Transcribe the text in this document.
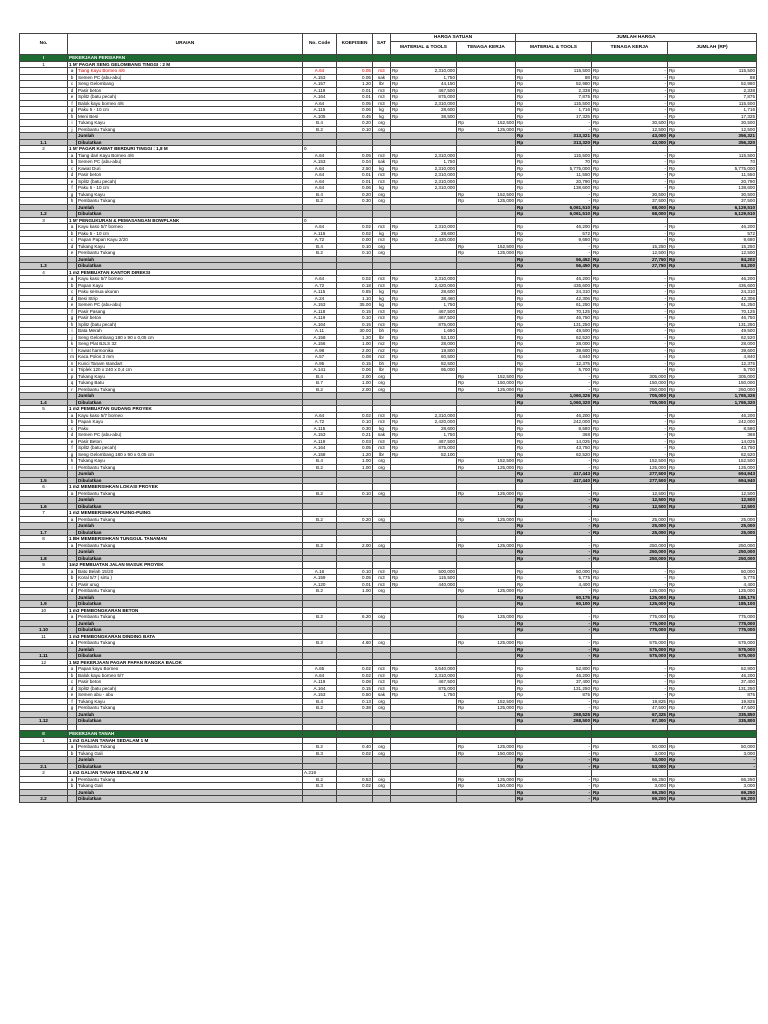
No.	URAIAN		No. Code	KOEFISIEN	SAT	HARGA SATUAN		JUMLAH HARGA		
						MATERIAL & TOOLS	TENAGA KERJA	MATERIAL & TOOLS	TENAGA KERJA	JUMLAH (RP)
I	PEKERJAAN PERSIAPAN									
1	1 M' PAGAR SENG GELOMBANG TINGGI : 2 M									
	a	Tiang Kayu Borneo 4/6	A.64	0.05	m3	Rp 2,310,000		Rp 115,500	Rp -	Rp 115,500

	b	Semen PC (abu-abu)	A.153	0.05	sak	Rp 1,750		Rp 88	Rp -	Rp 88

	c	Seng Gelombang	A.157	1.20	lbr	Rp 44,150		Rp 52,980	Rp -	Rp 52,980

	d	Pasir beton	A.119	0.01	m3	Rp 467,500		Rp 2,338	Rp -	Rp 2,338

	e	Splitz (batu pecah)	A.164	0.01	m3	Rp 875,000		Rp 7,875	Rp -	Rp 7,875

	f	Balok kayu borneo 4/6	A.64	0.05	m3	Rp 2,310,000		Rp 115,500	Rp -	Rp 115,500

	g	Paku 5 - 10 cm	A.115	0.06	kg	Rp 28,600		Rp 1,716	Rp -	Rp 1,716

	h	Meni Besi	A.105	0.45	kg	Rp 38,500		Rp 17,325	Rp -	Rp 17,325

	i	Tukang Kayu	B.4	0.20	org		Rp 152,500	Rp -	Rp 30,500	Rp 30,500

	j	Pembantu Tukang	B.2	0.10	org		Rp 125,000	Rp -	Rp 12,500	Rp 12,500

		Jumlah						Rp 313,321	Rp 43,000	Rp 356,321

1.1		Dibulatkan						Rp 313,320	Rp 43,000	Rp 356,320

2	1 M' PAGAR KAWAT BERDURI TINGGI : 1,8 M		0							
	a	Tiang dari Kayu Borneo 4/6	A.64	0.05	m3	Rp 2,310,000		Rp 115,500	Rp -	Rp 115,500

	b	Semen PC (abu-abu)	A.153	0.04	sak	Rp 1,750		Rp 70	Rp -	Rp 70

	c	Kawat Duri	A.64	2.50	kg	Rp 2,310,000		Rp 5,775,000	Rp -	Rp 5,775,000

	d	Pasir beton	A.64	0.01	m3	Rp 2,310,000		Rp 11,550	Rp -	Rp 11,550

	e	Splitz (batu pecah)	A.64	0.01	m3	Rp 2,310,000		Rp 20,790	Rp -	Rp 20,790

	f	Paku 5 - 10 cm	A.64	0.06	kg	Rp 2,310,000		Rp 138,600	Rp -	Rp 138,600

	g	Tukang Kayu	B.4	0.20	org		Rp 152,500	Rp -	Rp 30,500	Rp 30,500

	h	Pembantu Tukang	B.2	0.30	org		Rp 125,000	Rp -	Rp 37,500	Rp 37,500

		Jumlah						Rp 6,061,510	Rp 68,000	Rp 6,129,510

1.2		Dibulatkan						Rp 6,061,510	Rp 68,000	Rp 6,129,510

3	1 M' PENGUKURAN & PEMASANGAN BOWPLANK		0							
	a	Kayu kaso 5/7 borneo	A.64	0.02	m3	Rp 2,310,000		Rp 46,200	Rp -	Rp 46,200

	b	Paku 5 - 10 cm	A.115	0.02	kg	Rp 28,600		Rp 572	Rp -	Rp 572

	c	Papan Papan Kayu 2/20	A.72	0.00	m3	Rp 2,420,000		Rp 9,680	Rp -	Rp 9,680

	d	Tukang Kayu	B.4	0.10	org		Rp 152,500	Rp -	Rp 15,250	Rp 15,250

	e	Pembantu Tukang	B.2	0.10	org		Rp 125,000	Rp -	Rp 12,500	Rp 12,500

		Jumlah						Rp 56,452	Rp 27,750	Rp 84,202

1.3		Dibulatkan						Rp 56,450	Rp 27,750	Rp 84,200

4	1 m2 PEMBUATAN KANTOR DIREKSI									
	a	Kayu kaso 5/7 borneo	A.64	0.02	m3	Rp 2,310,000		Rp 46,200	Rp -	Rp 46,200

	b	Papan Kayu	A.72	0.18	m3	Rp 2,420,000		Rp 435,600	Rp -	Rp 435,600

	c	Paku semua ukuran	A.115	0.85	kg	Rp 28,600		Rp 24,310	Rp -	Rp 24,310

	d	Besi Strip	A.24	1.10	kg	Rp 38,460		Rp 42,306	Rp -	Rp 42,306

	e	Semen PC (abu-abu)	A.153	35.00	kg	Rp 1,750		Rp 61,250	Rp -	Rp 61,250

	f	Pasir Pasang	A.118	0.15	m3	Rp 467,500		Rp 70,125	Rp -	Rp 70,125

	g	Pasir beton	A.119	0.10	m3	Rp 467,500		Rp 46,750	Rp -	Rp 46,750

	h	Splitz (batu pecah)	A.164	0.15	m3	Rp 875,000		Rp 131,250	Rp -	Rp 131,250

	i	Bata Merah	A.11	30.00	bh	Rp 1,650		Rp 49,500	Rp -	Rp 49,500

	j	Seng Gelombang 180 x 90 x 0,05 cm	A.158	1.20	lbr	Rp 52,100		Rp 62,520	Rp -	Rp 62,520

	k	Seng Plat BJLS 32	A.156	1.00	m2	Rp 28,000		Rp 28,000	Rp -	Rp 28,000

	l	Kawat harmonika	A.98	2.00	m2	Rp 19,800		Rp 39,600	Rp -	Rp 39,600

	m	Kaca Polos 3 mm	A.57	0.08	m2	Rp 60,500		Rp 4,840	Rp -	Rp 4,840

	n	Kunci Tanam standart	A.95	0.15	bh	Rp 82,500		Rp 12,375	Rp -	Rp 12,375

	o	Triplek 120 x 240 x 0,4 cm	A.141	0.06	lbr	Rp 95,000		Rp 5,700	Rp -	Rp 5,700

	p	Tukang Kayu	B.4	2.00	org		Rp 152,500	Rp -	Rp 305,000	Rp 305,000

	q	Tukang Batu	B.7	1.00	org		Rp 150,000	Rp -	Rp 150,000	Rp 150,000

	r	Pembantu Tukang	B.2	2.00	org		Rp 125,000	Rp -	Rp 250,000	Rp 250,000

		Jumlah						Rp 1,060,326	Rp 705,000	Rp 1,765,326

1.4		Dibulatkan						Rp 1,060,320	Rp 705,000	Rp 1,765,320

5	1 m2 PEMBUATAN GUDANG PROYEK									
	a	Kayu kaso 5/7 borneo	A.64	0.02	m3	Rp 2,310,000		Rp 46,200	Rp -	Rp 46,200

	b	Papan Kayu	A.72	0.10	m3	Rp 2,420,000		Rp 242,000	Rp -	Rp 242,000

	c	Paku	A.115	0.30	kg	Rp 28,600		Rp 8,580	Rp -	Rp 8,580

	d	Semen PC (abu-abu)	A.153	0.21	sak	Rp 1,750		Rp 368	Rp -	Rp 368

	e	Pasir Beton	A.119	0.03	m3	Rp 467,500		Rp 14,025	Rp -	Rp 14,025

	f	Splitz (batu pecah)	A.164	0.05	m3	Rp 875,000		Rp 43,750	Rp -	Rp 43,750

	g	Seng Gelombang 180 x 90 x 0,05 cm	A.158	1.20	lbr	Rp 52,100		Rp 62,520	Rp -	Rp 62,520

	h	Tukang Kayu	B.4	1.00	org		Rp 152,500	Rp -	Rp 152,500	Rp 152,500

	i	Pembantu Tukang	B.2	1.00	org		Rp 125,000	Rp -	Rp 125,000	Rp 125,000

		Jumlah						Rp 417,443	Rp 277,500	Rp 694,943

1.5		Dibulatkan						Rp 417,440	Rp 277,500	Rp 694,940

6	1 m2 MEMBERSIHKAN LOKASI PROYEK									
	a	Pembantu Tukang	B.2	0.10	org		Rp 125,000	Rp -	Rp 12,500	Rp 12,500

		Jumlah						Rp -	Rp 12,500	Rp 12,500

1.6		Dibulatkan						Rp -	Rp 12,500	Rp 12,500

7	1 m2 MEMBERSIHKAN PUING-PUING									
	a	Pembantu Tukang	B.2	0.20	org		Rp 125,000	Rp -	Rp 25,000	Rp 25,000

		Jumlah						Rp -	Rp 25,000	Rp 25,000

1.7		Dibulatkan						Rp -	Rp 25,000	Rp 25,000

8	1 BH MEMBERSIHKAN TUNGGUL TANAMAN									
	a	Pembantu Tukang	B.2	2.00	org		Rp 125,000	Rp -	Rp 250,000	Rp 250,000

		Jumlah						Rp -	Rp 250,000	Rp 250,000

1.8		Dibulatkan						Rp -	Rp 250,000	Rp 250,000

9	1m2 PEMBUATAN JALAN MASUK PROYEK									
	a	Batu Belah 15/20	A.16	0.10	m3	Rp 500,000		Rp 50,000	Rp -	Rp 50,000

	b	Koral 5/7 ( sirtu )	A.159	0.05	m3	Rp 115,500		Rp 5,775	Rp -	Rp 5,775

	c	Pasir urug	A.120	0.01	m3	Rp 440,000		Rp 4,400	Rp -	Rp 4,400

	d	Pembantu Tukang	B.2	1.00	org		Rp 125,000	Rp -	Rp 125,000	Rp 125,000

		Jumlah						Rp 60,175	Rp 125,000	Rp 185,175

1.9		Dibulatkan						Rp 60,100	Rp 125,000	Rp 185,100

10	1 m3 PEMBONGKARAN BETON									
	a	Pembantu Tukang	B.2	6.20	org		Rp 125,000	Rp -	Rp 775,000	Rp 775,000

		Jumlah						Rp -	Rp 775,000	Rp 775,000

1.10		Dibulatkan						Rp -	Rp 775,000	Rp 775,000

11	1 m3 PEMBONGKARAN DINDING BATA									
	a	Pembantu Tukang	B.2	4.60	org		Rp 125,000	Rp -	Rp 575,000	Rp 575,000

		Jumlah						Rp -	Rp 575,000	Rp 575,000

1.11		Dibulatkan						Rp -	Rp 575,000	Rp 575,000

12	1 M2 PEKERJAAN PAGAR PAPAN RANGKA BALOK									
	a	Papan kayu Borneo	A.65	0.02	m3	Rp 2,640,000		Rp 52,800	Rp -	Rp 52,800

	b	Balok kayu borneo 5/7	A.64	0.02	m3	Rp 2,310,000		Rp 46,200	Rp -	Rp 46,200

	c	Pasir beton	A.119	0.08	m3	Rp 467,500		Rp 37,400	Rp -	Rp 37,400

	d	Splitz (batu pecah)	A.164	0.15	m3	Rp 875,000		Rp 131,250	Rp -	Rp 131,250

	e	Semen abu - abu	A.153	0.50	sak	Rp 1,750		Rp 875	Rp -	Rp 875

	f	Tukang Kayu	B.4	0.13	org		Rp 152,500	Rp -	Rp 19,825	Rp 19,825

	g	Pembantu Tukang	B.2	0.38	org		Rp 125,000	Rp -	Rp 47,500	Rp 47,500

		Jumlah						Rp 268,525	Rp 67,325	Rp 335,850

1.12		Dibulatkan						Rp 268,500	Rp 67,300	Rp 335,800

II	PEKERJAAN TANAH									
1	1 m3 GALIAN TANAH SEDALAM 1 M									
	a	Pembantu Tukang	B.2	0.40	org		Rp 125,000	Rp -	Rp 50,000	Rp 50,000

	b	Tukang Gali	B.3	0.02	org		Rp 150,000	Rp -	Rp 3,000	Rp 3,000

		Jumlah						Rp -	Rp 53,000	Rp -

2.1		Dibulatkan						Rp -	Rp 53,000	Rp -

2	1 m3 GALIAN TANAH SEDALAM 2 M		A.219							
	a	Pembantu Tukang	B.2	0.53	org		Rp 125,000	Rp -	Rp 66,250	Rp 66,250

	b	Tukang Gali	B.3	0.02	org		Rp 150,000	Rp -	Rp 3,000	Rp 3,000

		Jumlah						Rp -	Rp 69,250	Rp 69,250

2.2		Dibulatkan						Rp -	Rp 69,200	Rp 69,200
